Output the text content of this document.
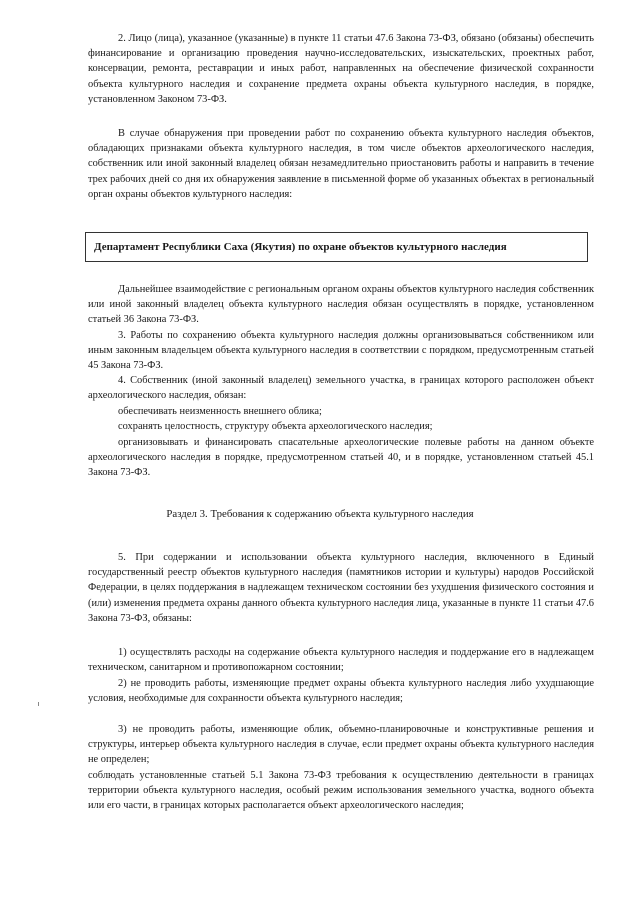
2. Лицо (лица), указанное (указанные) в пункте 11 статьи 47.6 Закона 73-ФЗ, обязано (обязаны) обеспечить финансирование и организацию проведения научно-исследовательских, изыскательских, проектных работ, консервации, ремонта, реставрации и иных работ, направленных на обеспечение физической сохранности объекта культурного наследия и сохранение предмета охраны объекта культурного наследия, в порядке, установленном Законом 73-ФЗ.

В случае обнаружения при проведении работ по сохранению объекта культурного наследия объектов, обладающих признаками объекта культурного наследия, в том числе объектов археологического наследия, собственник или иной законный владелец обязан незамедлительно приостановить работы и направить в течение трех рабочих дней со дня их обнаружения заявление в письменной форме об указанных объектах в региональный орган охраны объектов культурного наследия:

Департамент Республики Саха (Якутия) по охране объектов культурного наследия

Дальнейшее взаимодействие с региональным органом охраны объектов культурного наследия собственник или иной законный владелец объекта культурного наследия обязан осуществлять в порядке, установленном статьей 36 Закона 73-ФЗ.

3. Работы по сохранению объекта культурного наследия должны организовываться собственником или иным законным владельцем объекта культурного наследия в соответствии с порядком, предусмотренным статьей 45 Закона 73-ФЗ.

4. Собственник (иной законный владелец) земельного участка, в границах которого расположен объект археологического наследия, обязан:

обеспечивать неизменность внешнего облика;

сохранять целостность, структуру объекта археологического наследия;

организовывать и финансировать спасательные археологические полевые работы на данном объекте археологического наследия в порядке, предусмотренном статьей 40, и в порядке, установленном статьей 45.1 Закона 73-ФЗ.

Раздел 3. Требования к содержанию объекта культурного наследия

5. При содержании и использовании объекта культурного наследия, включенного в Единый государственный реестр объектов культурного наследия (памятников истории и культуры) народов Российской Федерации, в целях поддержания в надлежащем техническом состоянии без ухудшения физического состояния и (или) изменения предмета охраны данного объекта культурного наследия лица, указанные в пункте 11 статьи 47.6 Закона 73-ФЗ, обязаны:

1) осуществлять расходы на содержание объекта культурного наследия и поддержание его в надлежащем техническом, санитарном и противопожарном состоянии;

2) не проводить работы, изменяющие предмет охраны объекта культурного наследия либо ухудшающие условия, необходимые для сохранности объекта культурного наследия;

3) не проводить работы, изменяющие облик, объемно-планировочные и конструктивные решения и структуры, интерьер объекта культурного наследия в случае, если предмет охраны объекта культурного наследия не определен;

соблюдать установленные статьей 5.1 Закона 73-ФЗ требования к осуществлению деятельности в границах территории объекта культурного наследия, особый режим использования земельного участка, водного объекта или его части, в границах которых располагается объект археологического наследия;
